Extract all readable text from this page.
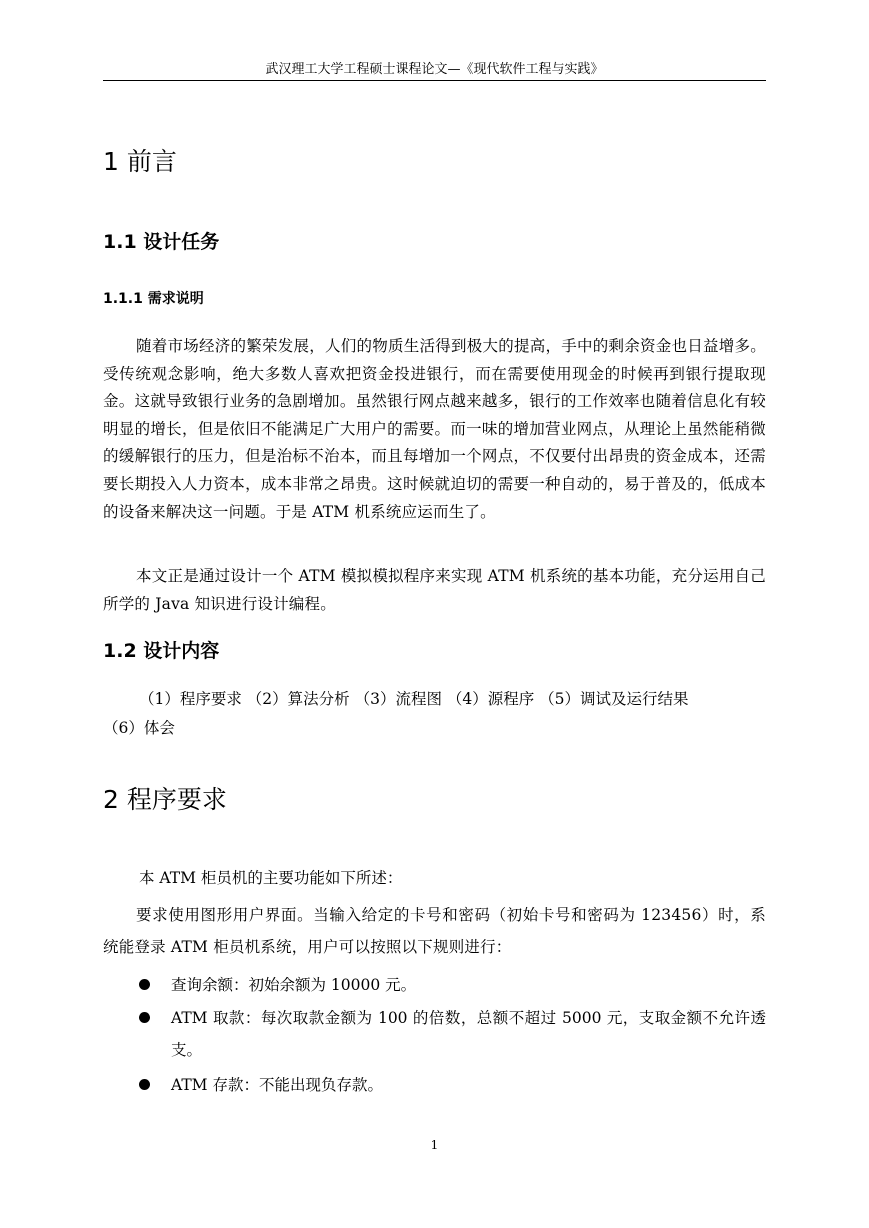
武汉理工大学工程硕士课程论文—《现代软件工程与实践》
1 前言
1.1 设计任务
1.1.1 需求说明

随着市场经济的繁荣发展，人们的物质生活得到极大的提高，手中的剩余资金也日益增多。受传统观念影响，绝大多数人喜欢把资金投进银行，而在需要使用现金的时候再到银行提取现金。这就导致银行业务的急剧增加。虽然银行网点越来越多，银行的工作效率也随着信息化有较明显的增长，但是依旧不能满足广大用户的需要。而一味的增加营业网点，从理论上虽然能稍微的缓解银行的压力，但是治标不治本，而且每增加一个网点，不仅要付出昂贵的资金成本，还需要长期投入人力资本，成本非常之昂贵。这时候就迫切的需要一种自动的，易于普及的，低成本的设备来解决这一问题。于是 ATM 机系统应运而生了。

本文正是通过设计一个 ATM 模拟模拟程序来实现 ATM 机系统的基本功能，充分运用自己所学的 Java 知识进行设计编程。

1.2 设计内容
（1）程序要求 （2）算法分析 （3）流程图 （4）源程序 （5）调试及运行结果
（6）体会
2 程序要求
本 ATM 柜员机的主要功能如下所述：

要求使用图形用户界面。当输入给定的卡号和密码（初始卡号和密码为 123456）时，系统能登录 ATM 柜员机系统，用户可以按照以下规则进行：

查询余额：初始余额为 10000 元。

ATM 取款：每次取款金额为 100 的倍数，总额不超过 5000 元，支取金额不允许透支。

ATM 存款：不能出现负存款。

1
